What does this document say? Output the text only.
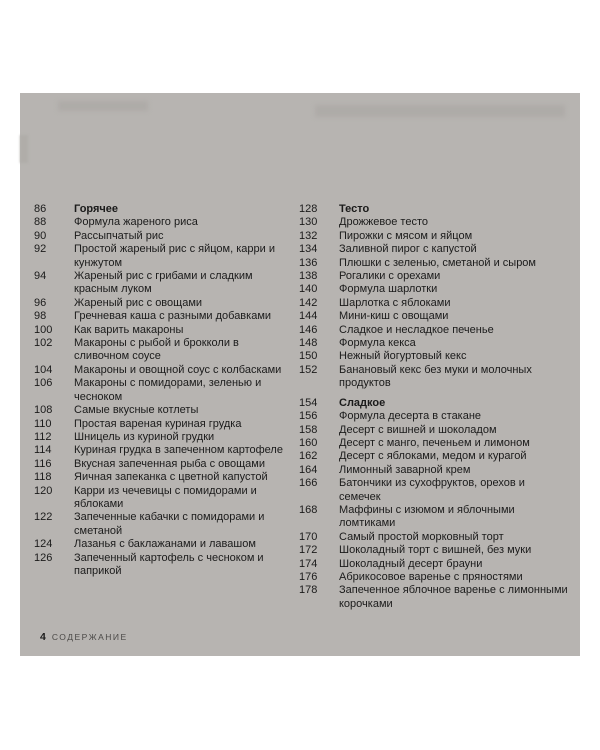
86	Горячее
88	Формула жареного риса
90	Рассыпчатый рис
92	Простой жареный рис с яйцом, карри и кунжутом
94	Жареный рис с грибами и сладким красным луком
96	Жареный рис с овощами
98	Гречневая каша с разными добавками
100	Как варить макароны
102	Макароны с рыбой и брокколи в сливочном соусе
104	Макароны и овощной соус с колбасками
106	Макароны с помидорами, зеленью и чесноком
108	Самые вкусные котлеты
110	Простая вареная куриная грудка
112	Шницель из куриной грудки
114	Куриная грудка в запеченном картофеле
116	Вкусная запеченная рыба с овощами
118	Яичная запеканка с цветной капустой
120	Карри из чечевицы с помидорами и яблоками
122	Запеченные кабачки с помидорами и сметаной
124	Лазанья с баклажанами и лавашом
126	Запеченный картофель с чесноком и паприкой
128	Тесто
130	Дрожжевое тесто
132	Пирожки с мясом и яйцом
134	Заливной пирог с капустой
136	Плюшки с зеленью, сметаной и сыром
138	Рогалики с орехами
140	Формула шарлотки
142	Шарлотка с яблоками
144	Мини-киш с овощами
146	Сладкое и несладкое печенье
148	Формула кекса
150	Нежный йогуртовый кекс
152	Банановый кекс без муки и молочных продуктов
154	Сладкое
156	Формула десерта в стакане
158	Десерт с вишней и шоколадом
160	Десерт с манго, печеньем и лимоном
162	Десерт с яблоками, медом и курагой
164	Лимонный заварной крем
166	Батончики из сухофруктов, орехов и семечек
168	Маффины с изюмом и яблочными ломтиками
170	Самый простой морковный торт
172	Шоколадный торт с вишней, без муки
174	Шоколадный десерт брауни
176	Абрикосовое варенье с пряностями
178	Запеченное яблочное варенье с лимонными корочками
4 СОДЕРЖАНИЕ
